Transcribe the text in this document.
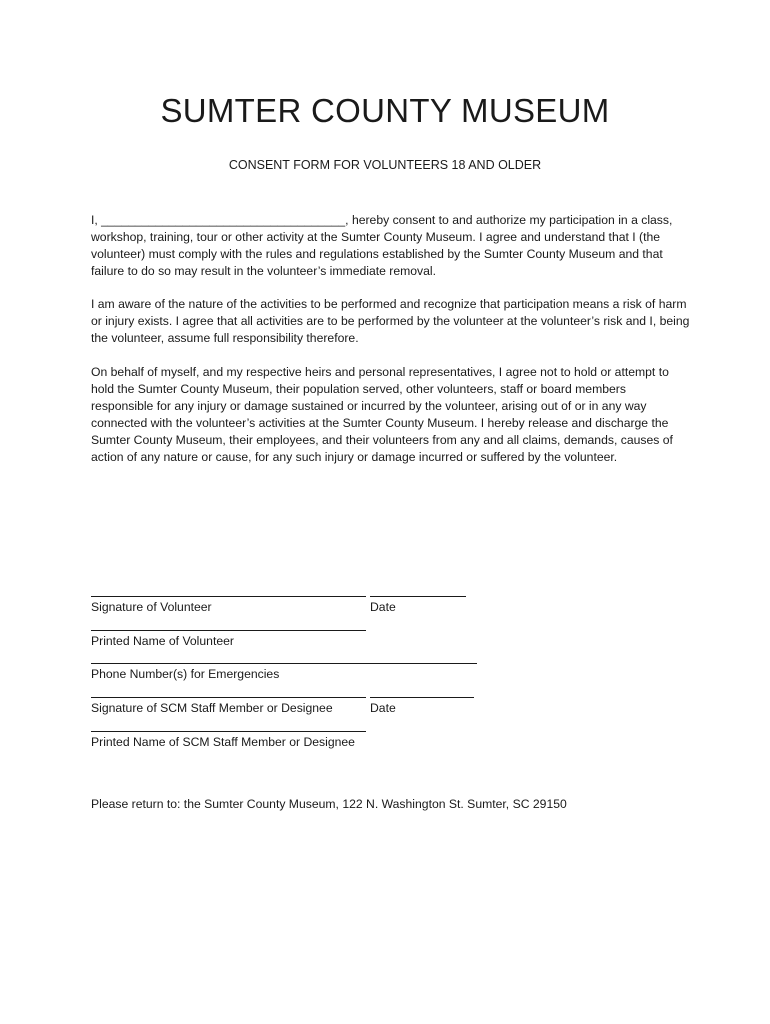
SUMTER COUNTY MUSEUM

CONSENT FORM FOR VOLUNTEERS 18 AND OLDER

I, ____________________________________, hereby consent to and authorize my participation in a class, workshop, training, tour or other activity at the Sumter County Museum. I agree and understand that I (the volunteer) must comply with the rules and regulations established by the Sumter County Museum and that failure to do so may result in the volunteer’s immediate removal.

I am aware of the nature of the activities to be performed and recognize that participation means a risk of harm or injury exists. I agree that all activities are to be performed by the volunteer at the volunteer’s risk and I, being the volunteer, assume full responsibility therefore.

On behalf of myself, and my respective heirs and personal representatives, I agree not to hold or attempt to hold the Sumter County Museum, their population served, other volunteers, staff or board members responsible for any injury or damage sustained or incurred by the volunteer, arising out of or in any way connected with the volunteer’s activities at the Sumter County Museum. I hereby release and discharge the Sumter County Museum, their employees, and their volunteers from any and all claims, demands, causes of action of any nature or cause, for any such injury or damage incurred or suffered by the volunteer.

Signature of Volunteer	Date
Printed Name of Volunteer
Phone Number(s) for Emergencies
Signature of SCM Staff Member or Designee	Date
Printed Name of SCM Staff Member or Designee
Please return to: the Sumter County Museum, 122 N. Washington St. Sumter, SC 29150
